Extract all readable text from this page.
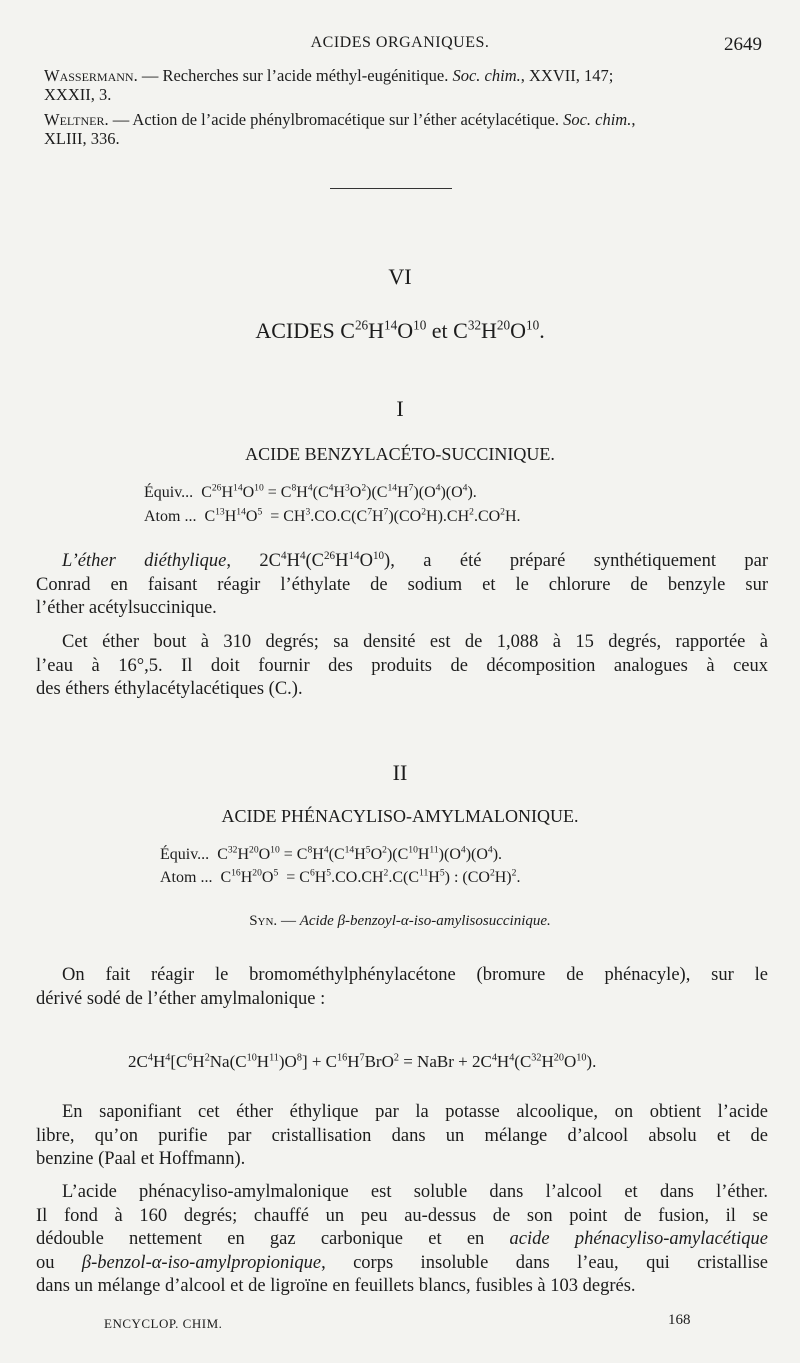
ACIDES ORGANIQUES.	2649
Wassermann. — Recherches sur l’acide méthyl-eugénitique. Soc. chim., XXVII, 147;
XXXII, 3.
Weltner. — Action de l’acide phénylbromacétique sur l’éther acétylacétique. Soc. chim.,
XLIII, 336.
VI
ACIDES $C^{26}H^{14}O^{10}$ et $C^{32}H^{20}O^{10}$.
I
ACIDE BENZYLACÉTO-SUCCINIQUE.
Équiv...  $C^{26}H^{14}O^{10} = C^8H^4(C^4H^3O^2)(C^{14}H^7)(O^4)(O^4)$.
Atom ...  $C^{13}H^{14}O^5 = CH^3.CO.C(C^7H^7)(CO^2H).CH^2.CO^2H$.
L’éther diéthylique, $2C^4H^4(C^{26}H^{14}O^{10})$, a été préparé synthétiquement par
Conrad en faisant réagir l’éthylate de sodium et le chlorure de benzyle sur
l’éther acétylsuccinique.
Cet éther bout à 310 degrés; sa densité est de 1,088 à 15 degrés, rapportée à
l’eau à 16°,5. Il doit fournir des produits de décomposition analogues à ceux
des éthers éthylacétylacétiques (C.).
II
ACIDE PHÉNACYLISO-AMYLMALONIQUE.
Équiv...  $C^{32}H^{20}O^{10} = C^8H^4(C^{14}H^5O^2)(C^{10}H^{11})(O^4)(O^4)$.
Atom ...  $C^{16}H^{20}O^5 = C^6H^5.CO.CH^2.C(C^{11}H^5)$ : $(CO^2H)^2$.
Syn. — Acide β-benzoyl-α-iso-amylisosuccinique.
On fait réagir le bromométhylphénylacétone (bromure de phénacyle), sur le
dérivé sodé de l’éther amylmalonique :
$2C^4H^4[C^6H^2Na(C^{10}H^{11})O^8] + C^{16}H^7BrO^2$ = NaBr + $2C^4H^4(C^{32}H^{20}O^{10})$.
En saponifiant cet éther éthylique par la potasse alcoolique, on obtient l’acide
libre, qu’on purifie par cristallisation dans un mélange d’alcool absolu et de
benzine (Paal et Hoffmann).
L’acide phénacyliso-amylmalonique est soluble dans l’alcool et dans l’éther.
Il fond à 160 degrés; chauffé un peu au-dessus de son point de fusion, il se
dédouble nettement en gaz carbonique et en acide phénacyliso-amylacétique
ou β-benzol-α-iso-amylpropionique, corps insoluble dans l’eau, qui cristallise
dans un mélange d’alcool et de ligroïne en feuillets blancs, fusibles à 103 degrés.
ENCYCLOP. CHIM.	168
